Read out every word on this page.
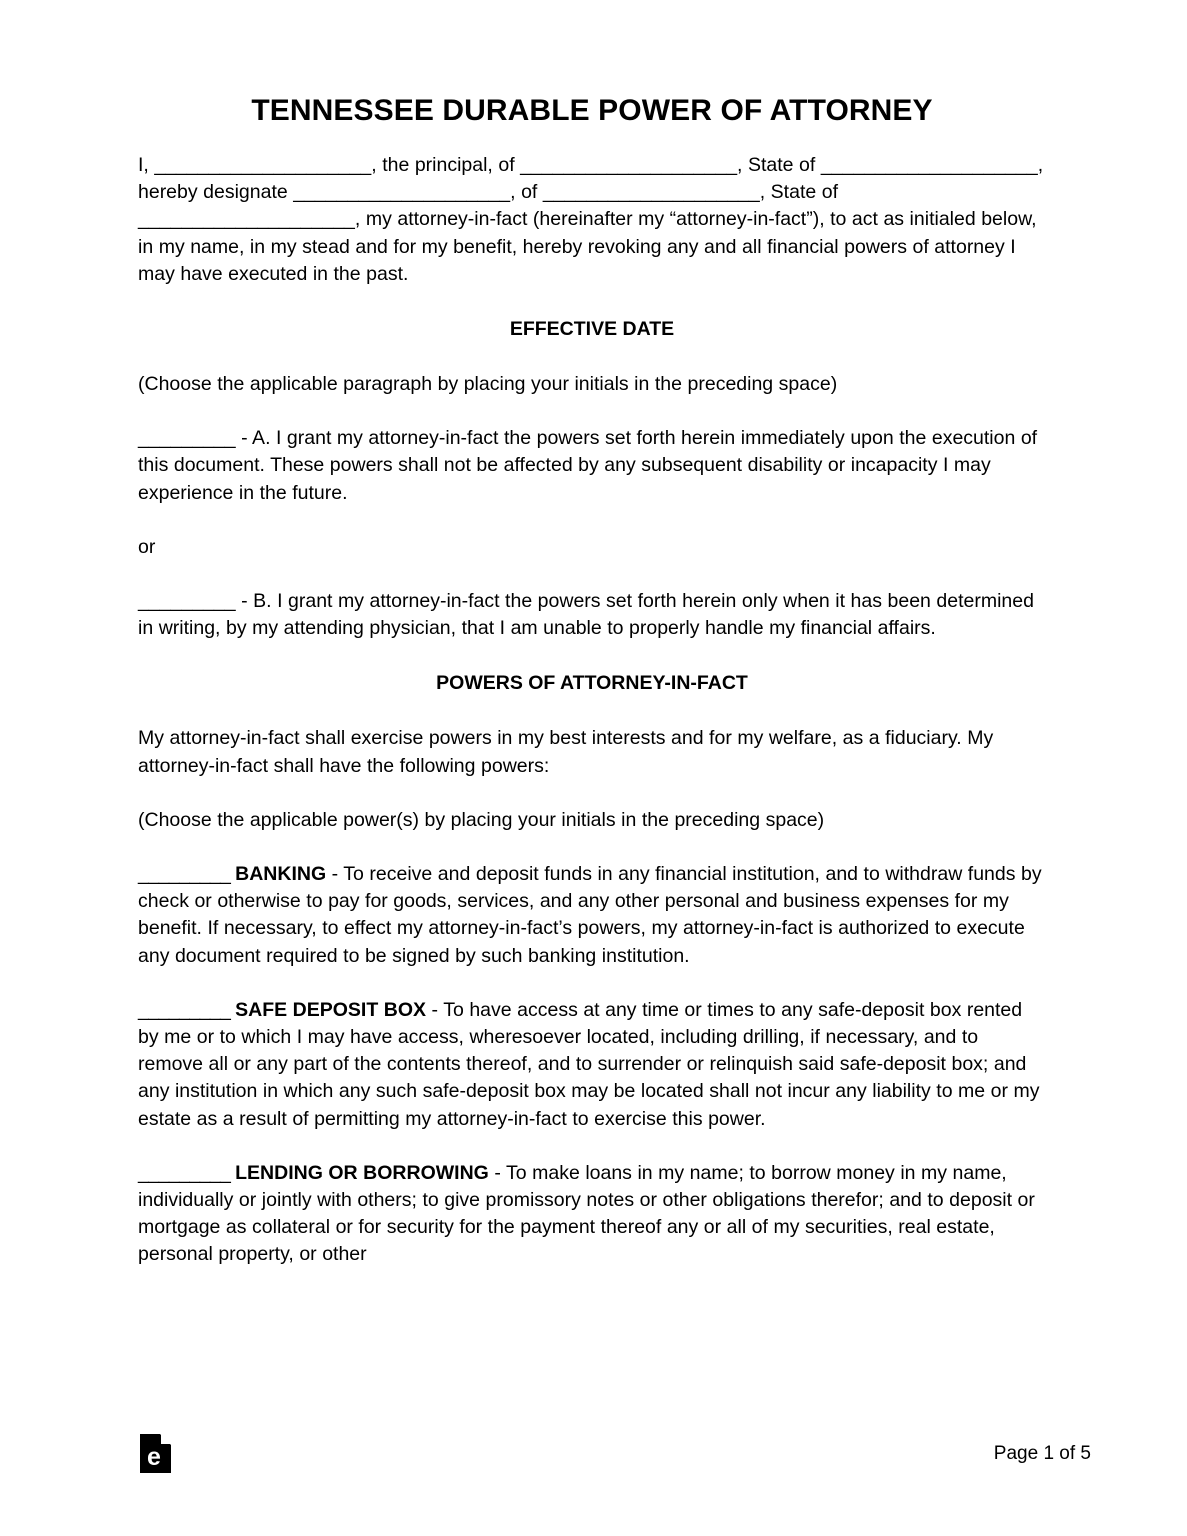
TENNESSEE DURABLE POWER OF ATTORNEY

I, ____________________, the principal, of ____________________, State of ____________________, hereby designate ____________________, of ____________________, State of ____________________, my attorney-in-fact (hereinafter my “attorney-in-fact”), to act as initialed below, in my name, in my stead and for my benefit, hereby revoking any and all financial powers of attorney I may have executed in the past.

EFFECTIVE DATE

(Choose the applicable paragraph by placing your initials in the preceding space)

_________ - A. I grant my attorney-in-fact the powers set forth herein immediately upon the execution of this document. These powers shall not be affected by any subsequent disability or incapacity I may experience in the future.

or

_________ - B. I grant my attorney-in-fact the powers set forth herein only when it has been determined in writing, by my attending physician, that I am unable to properly handle my financial affairs.

POWERS OF ATTORNEY-IN-FACT

My attorney-in-fact shall exercise powers in my best interests and for my welfare, as a fiduciary. My attorney-in-fact shall have the following powers:

(Choose the applicable power(s) by placing your initials in the preceding space)

_________ BANKING - To receive and deposit funds in any financial institution, and to withdraw funds by check or otherwise to pay for goods, services, and any other personal and business expenses for my benefit. If necessary, to effect my attorney-in-fact’s powers, my attorney-in-fact is authorized to execute any document required to be signed by such banking institution.

_________ SAFE DEPOSIT BOX - To have access at any time or times to any safe-deposit box rented by me or to which I may have access, wheresoever located, including drilling, if necessary, and to remove all or any part of the contents thereof, and to surrender or relinquish said safe-deposit box; and any institution in which any such safe-deposit box may be located shall not incur any liability to me or my estate as a result of permitting my attorney-in-fact to exercise this power.

_________ LENDING OR BORROWING - To make loans in my name; to borrow money in my name, individually or jointly with others; to give promissory notes or other obligations therefor; and to deposit or mortgage as collateral or for security for the payment thereof any or all of my securities, real estate, personal property, or other

e	Page 1 of 5
